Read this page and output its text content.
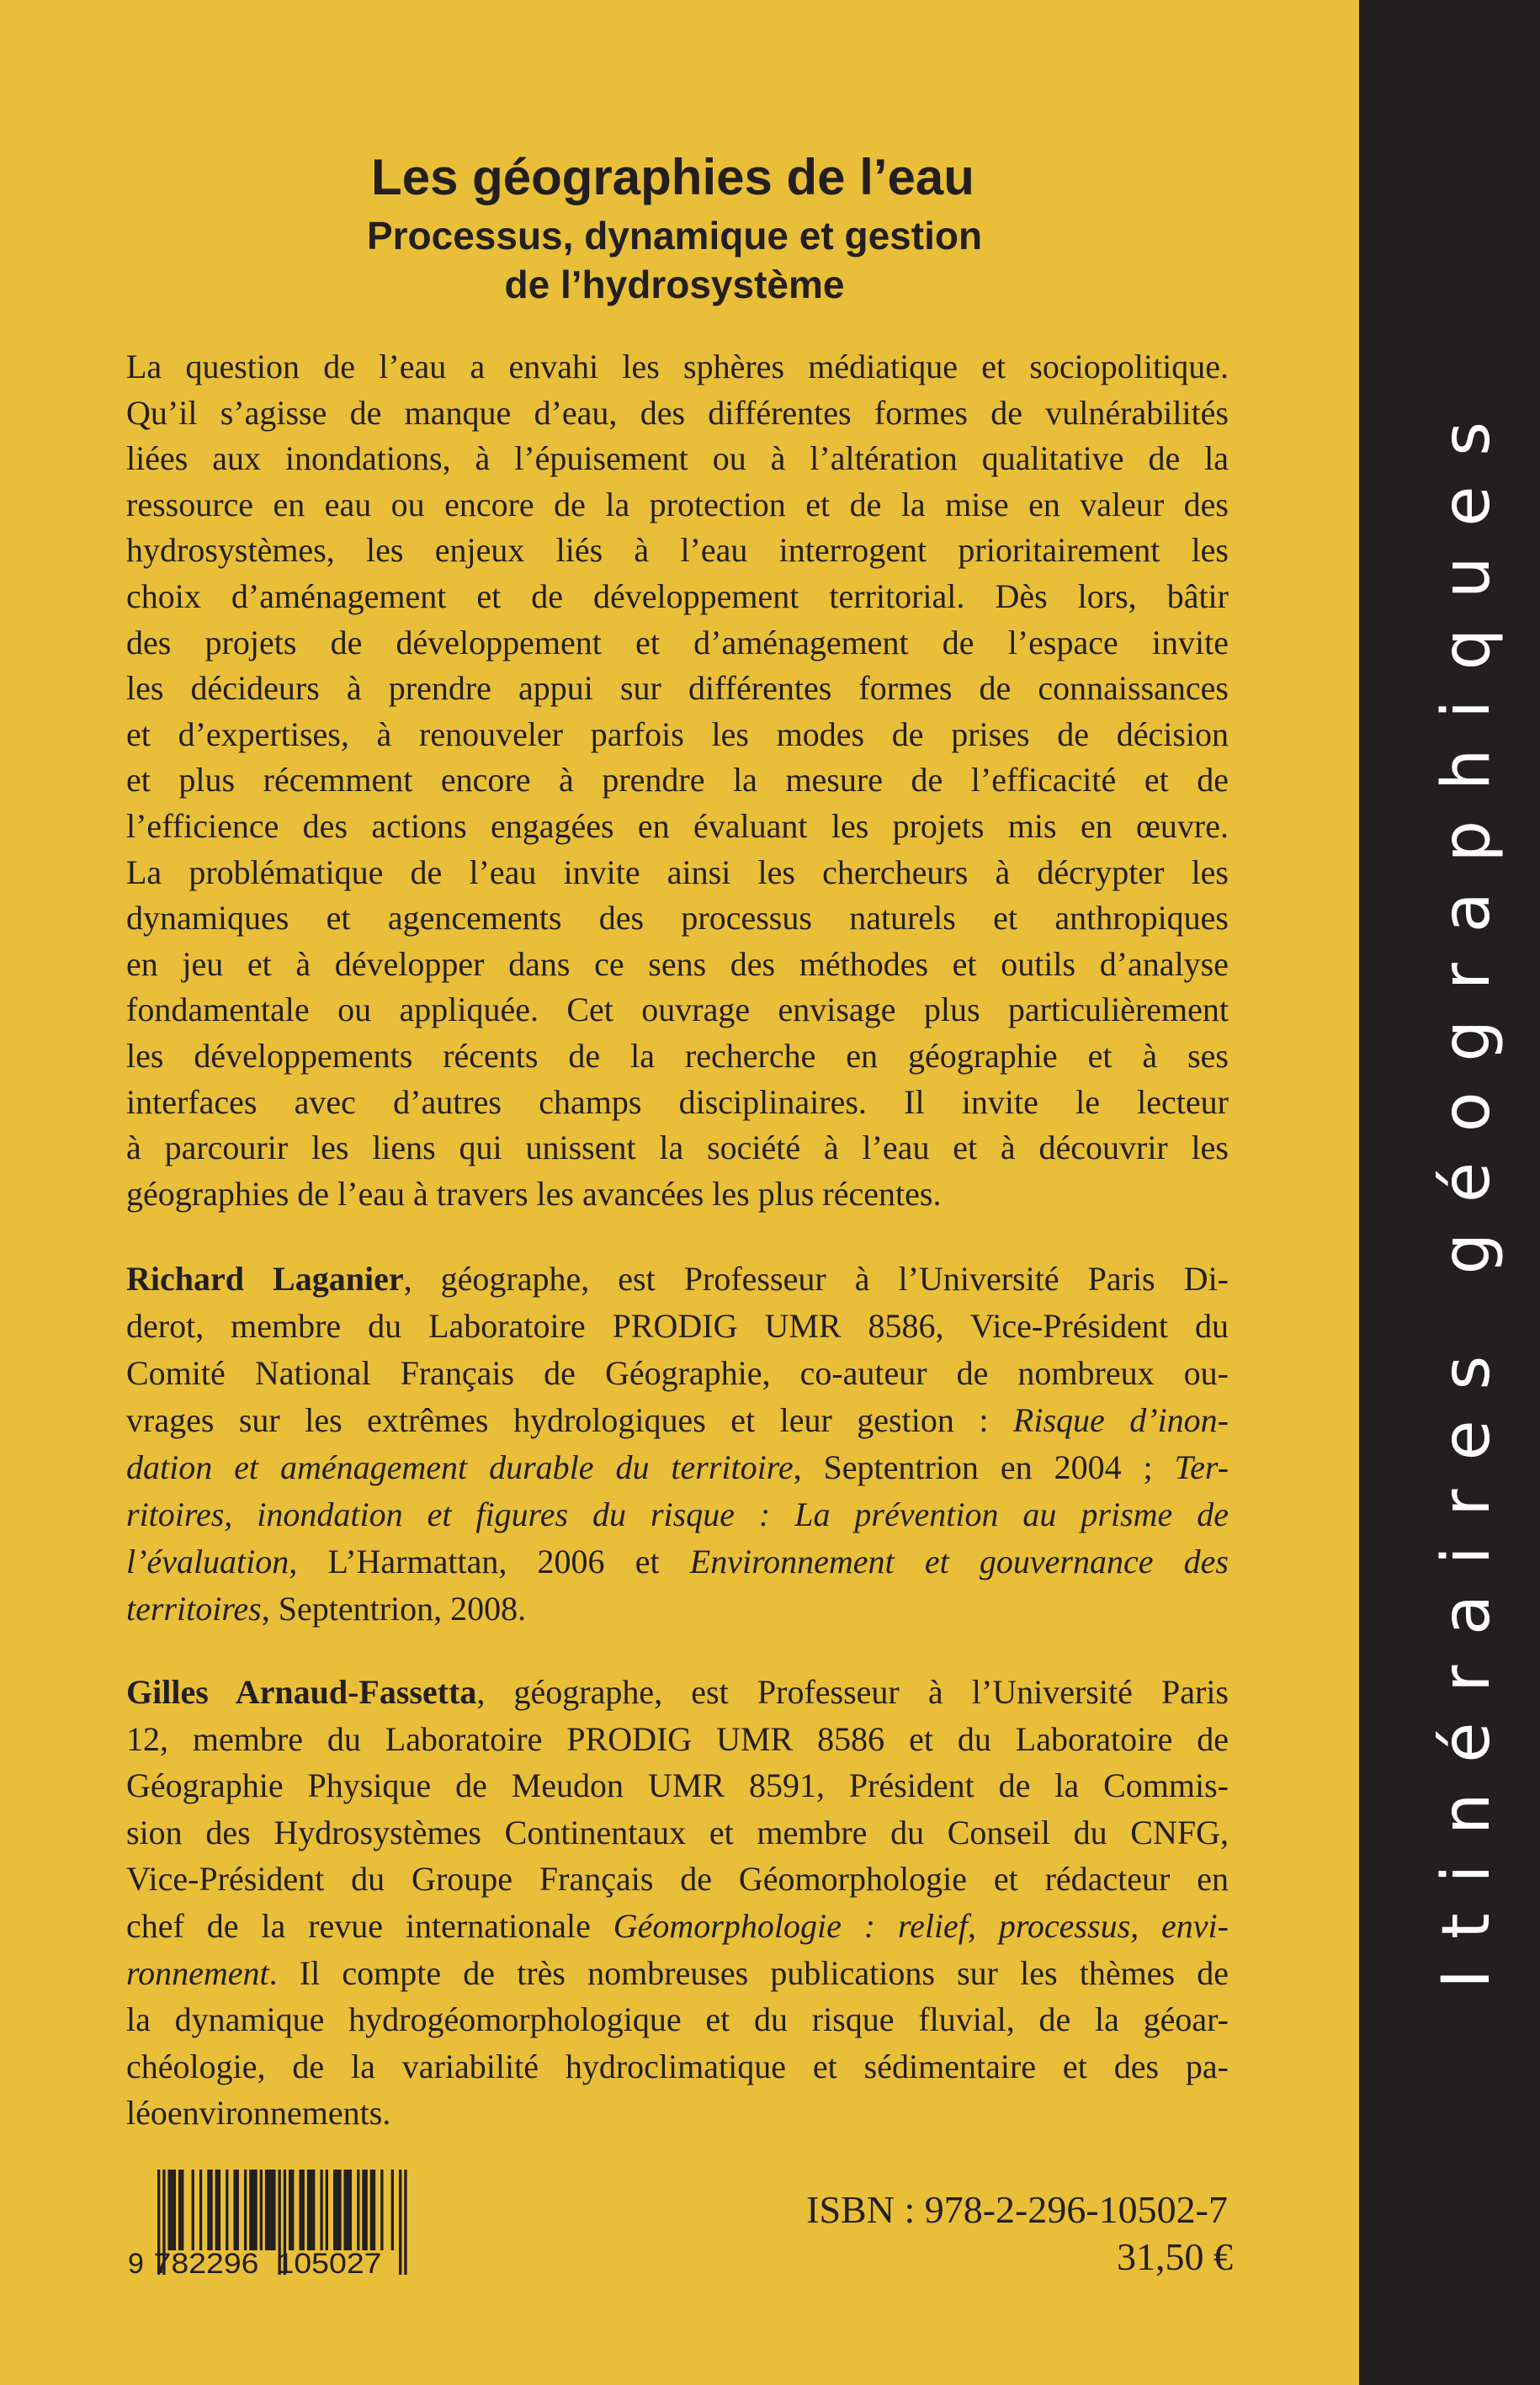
Itinéraires géographiques
Les géographies de l’eau
Processus, dynamique et gestion
de l’hydrosystème
La question de l’eau a envahi les sphères médiatique et sociopolitique.
Qu’il s’agisse de manque d’eau, des différentes formes de vulnérabilités
liées aux inondations, à l’épuisement ou à l’altération qualitative de la
ressource en eau ou encore de la protection et de la mise en valeur des
hydrosystèmes, les enjeux liés à l’eau interrogent prioritairement les
choix d’aménagement et de développement territorial. Dès lors, bâtir
des projets de développement et d’aménagement de l’espace invite
les décideurs à prendre appui sur différentes formes de connaissances
et d’expertises, à renouveler parfois les modes de prises de décision
et plus récemment encore à prendre la mesure de l’efficacité et de
l’efficience des actions engagées en évaluant les projets mis en œuvre.
La problématique de l’eau invite ainsi les chercheurs à décrypter les
dynamiques et agencements des processus naturels et anthropiques
en jeu et à développer dans ce sens des méthodes et outils d’analyse
fondamentale ou appliquée. Cet ouvrage envisage plus particulièrement
les développements récents de la recherche en géographie et à ses
interfaces avec d’autres champs disciplinaires. Il invite le lecteur
à parcourir les liens qui unissent la société à l’eau et à découvrir les
géographies de l’eau à travers les avancées les plus récentes.
Richard Laganier, géographe, est Professeur à l’Université Paris Di-
derot, membre du Laboratoire PRODIG UMR 8586, Vice-Président du
Comité National Français de Géographie, co-auteur de nombreux ou-
vrages sur les extrêmes hydrologiques et leur gestion : Risque d’inon-
dation et aménagement durable du territoire, Septentrion en 2004 ; Ter-
ritoires, inondation et figures du risque : La prévention au prisme de
l’évaluation, L’Harmattan, 2006 et Environnement et gouvernance des
territoires, Septentrion, 2008.
Gilles Arnaud-Fassetta, géographe, est Professeur à l’Université Paris
12, membre du Laboratoire PRODIG UMR 8586 et du Laboratoire de
Géographie Physique de Meudon UMR 8591, Président de la Commis-
sion des Hydrosystèmes Continentaux et membre du Conseil du CNFG,
Vice-Président du Groupe Français de Géomorphologie et rédacteur en
chef de la revue internationale Géomorphologie : relief, processus, envi-
ronnement. Il compte de très nombreuses publications sur les thèmes de
la dynamique hydrogéomorphologique et du risque fluvial, de la géoar-
chéologie, de la variabilité hydroclimatique et sédimentaire et des pa-
léoenvironnements.
9 782296 105027
ISBN : 978-2-296-10502-7
31,50 €
